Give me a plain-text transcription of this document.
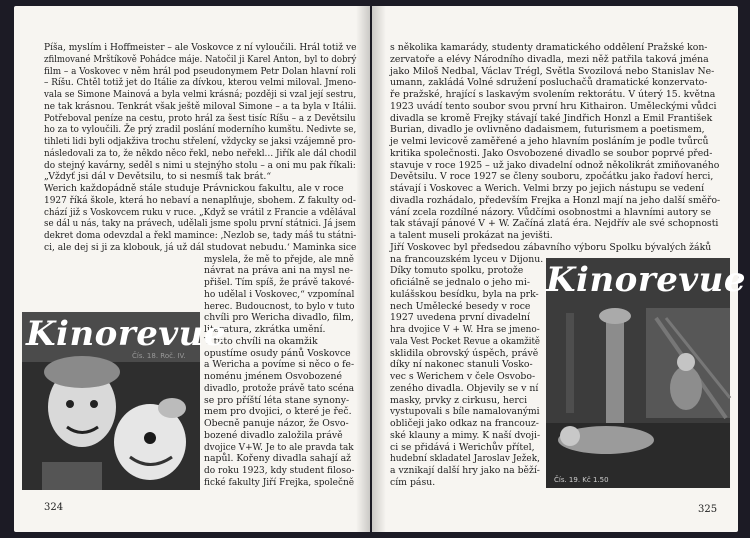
Píša, myslím i Hoffmeister – ale Voskovce z ní vyloučili. Hrál totiž ve
zfilmované Mrštíkově Pohádce máje. Natočil ji Karel Anton, byl to dobrý
film – a Voskovec v něm hrál pod pseudonymem Petr Dolan hlavní roli
– Ríšu. Chtěl totiž jet do Itálie za dívkou, kterou velmi miloval. Jmeno-
vala se Simone Mainová a byla velmi krásná; později si vzal její sestru,
ne tak krásnou. Tenkrát však ještě miloval Simone – a ta byla v Itálii.
Potřeboval peníze na cestu, proto hrál za šest tisíc Ríšu – a z Devětsilu
ho za to vyloučili. Že prý zradil poslání moderního kumštu. Nedivte se,
tihleti lidi byli odjakživa trochu střelení, vždycky se jaksi vzájemně pro-
následovali za to, že někdo něco řekl, nebo neřekl… Jiřík ale dál chodil
do stejný kavárny, seděl s nimi u stejnýho stolu – a oni mu pak říkali:
„Vždyť jsi dál v Devětsilu, to si nesmíš tak brát.“
Werich každopádně stále studuje Právnickou fakultu, ale v roce
1927 říká škole, která ho nebaví a nenaplňuje, sbohem. Z fakulty od-
chází již s Voskovcem ruku v ruce. „Když se vrátil z Francie a vdělával
se dál u nás, taky na právech, udělali jsme spolu první státnici. Já jsem
dekret doma odevzdal a řekl mamince: ‚Nezlob se, tady máš tu státni-
ci, ale dej si ji za klobouk, já už dál studovat nebudu.‘ Maminka sice
myslela, že mě to přejde, ale mně
návrat na práva ani na mysl ne-
přišel. Tím spíš, že právě takové-
ho udělal i Voskovec,“ vzpomínal
herec. Budoucnost, to bylo v tuto
chvíli pro Wericha divadlo, film,
literatura, zkrátka umění.
V tuto chvíli na okamžik
opustíme osudy pánů Voskovce
a Wericha a povíme si něco o fe-
noménu jménem Osvobozené
divadlo, protože právě tato scéna
se pro příští léta stane synony-
mem pro dvojici, o které je řeč.
Obecně panuje názor, že Osvo-
bozené divadlo založila právě
dvojice V+W. Je to ale pravda tak
napůl. Kořeny divadla sahají až
do roku 1923, kdy student filoso-
fické fakulty Jiří Frejka, společně
Kinorevue
Čís. 18. Roč. IV.
324
s několika kamarády, studenty dramatického oddělení Pražské kon-
zervatoře a elévy Národního divadla, mezi něž patřila taková jména
jako Miloš Nedbal, Václav Trégl, Světla Svozilová nebo Stanislav Ne-
umann, zakládá Volné sdružení posluchačů dramatické konzervato-
ře pražské, hrající s laskavým svolením rektorátu. V úterý 15. května
1923 uvádí tento soubor svou první hru Kithairon. Uměleckými vůdci
divadla se kromě Frejky stávají také Jindřich Honzl a Emil František
Burian, divadlo je ovlivněno dadaismem, futurismem a poetismem,
je velmi levicově zaměřené a jeho hlavním posláním je podle tvůrců
kritika společnosti. Jako Osvobozené divadlo se soubor poprvé před-
stavuje v roce 1925 – už jako divadelní odnož několikrát zmiňovaného
Devětsilu. V roce 1927 se členy souboru, zpočátku jako řadoví herci,
stávají i Voskovec a Werich. Velmi brzy po jejich nástupu se vedení
divadla rozhádalo, především Frejka a Honzl mají na jeho další směřo-
vání zcela rozdílné názory. Vůdčími osobnostmi a hlavními autory se
tak stávají pánové V + W. Začíná zlatá éra. Nejdřív ale své schopnosti
a talent museli prokázat na jevišti.
Jiří Voskovec byl předsedou zábavního výboru Spolku bývalých žáků
na francouzském lyceu v Dijonu.
Díky tomuto spolku, protože
oficiálně se jednalo o jeho mi-
kulášskou besídku, byla na prk-
nech Umělecké besedy v roce
1927 uvedena první divadelní
hra dvojice V + W. Hra se jmeno-
vala Vest Pocket Revue a okamžitě
sklidila obrovský úspěch, právě
díky ní nakonec stanuli Vosko-
vec s Werichem v čele Osvobo-
zeného divadla. Objevily se v ní
masky, prvky z cirkusu, herci
vystupovali s bíle namalovanými
obličeji jako odkaz na francouz-
ské klauny a mimy. K naší dvoji-
ci se přidává i Werichův přítel,
hudební skladatel Jaroslav Ježek,
a vznikají další hry jako na běží-
cím pásu.
Kinorevue
Čís. 19. Kč 1.50
325
